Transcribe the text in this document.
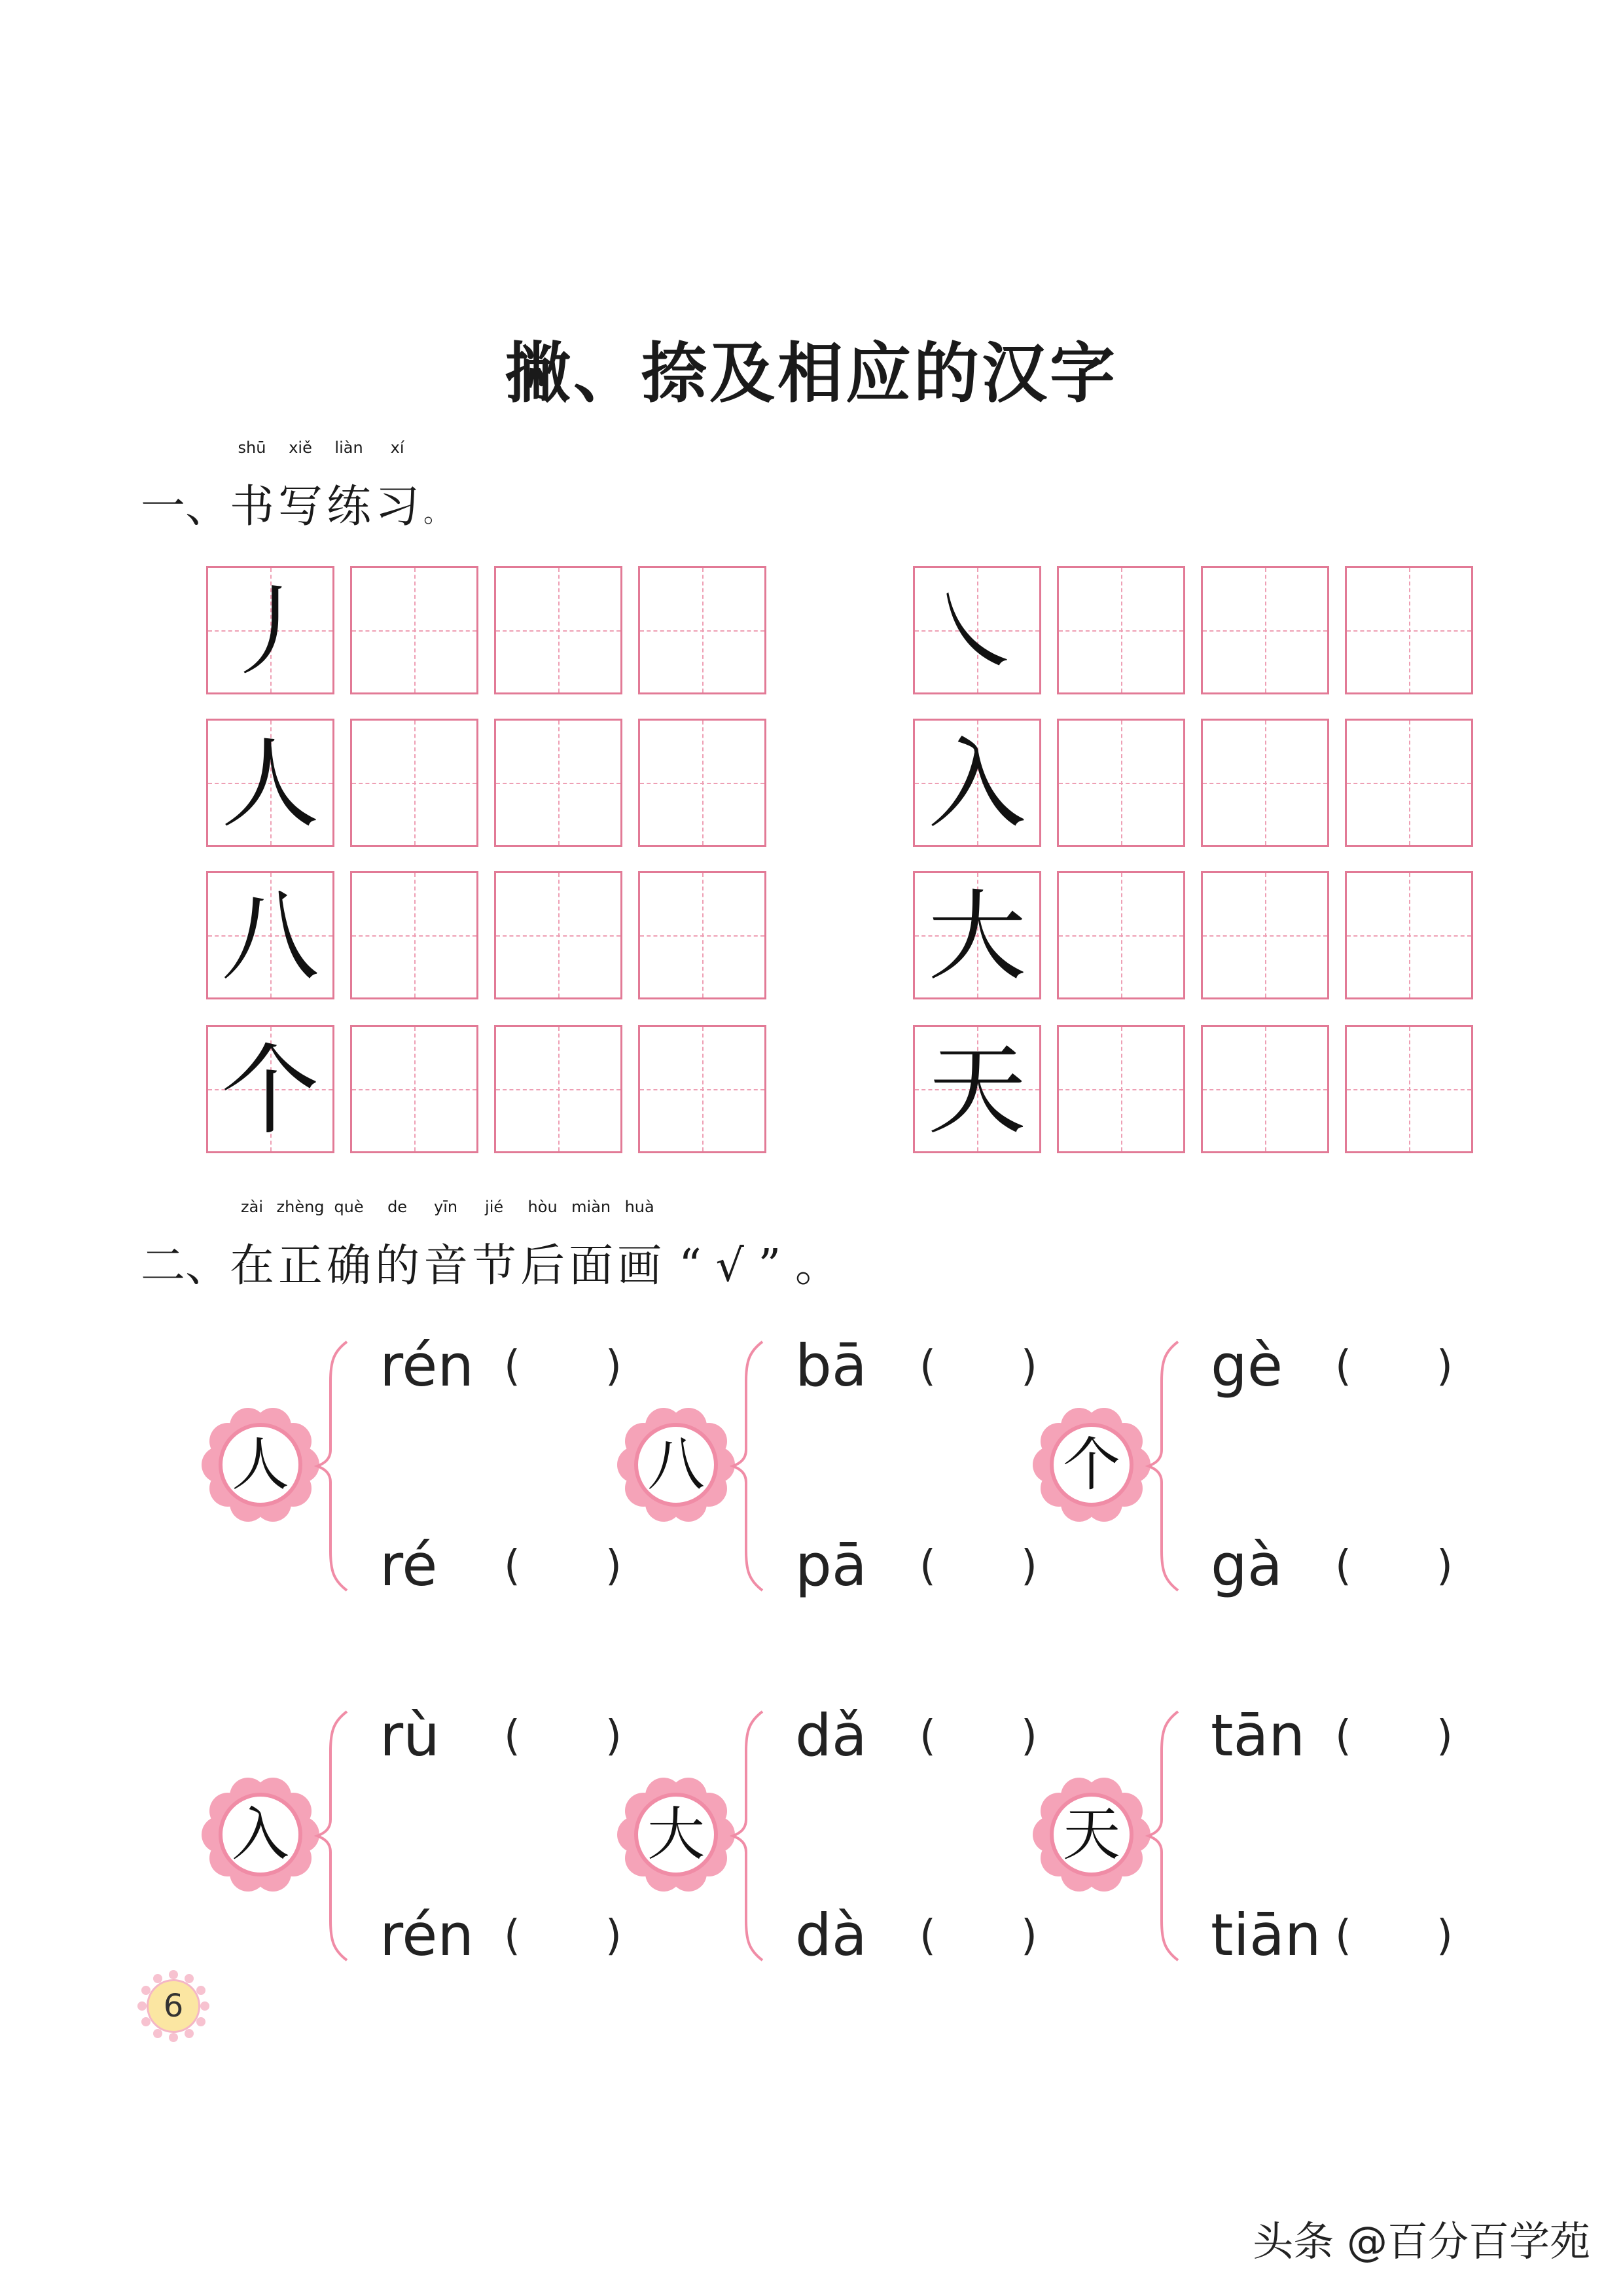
撇、捺及相应的汉字
一、
shū
书
xiě
写
liàn
练
xí
习 。
丿	㇏
人	入
八	大
个	天
二、
zài
在
zhèng
正
què
确
de
的
yīn
音
jié
节
hòu
后
miàn
面
huà
画 “ √ ” 。
人
rén ( )
ré ( )
八
bā ( )
pā ( )
个
gè ( )
gà ( )
入
rù ( )
rén ( )
大
dǎ ( )
dà ( )
天
tān ( )
tiān ( )
6
头条 @百分百学苑
